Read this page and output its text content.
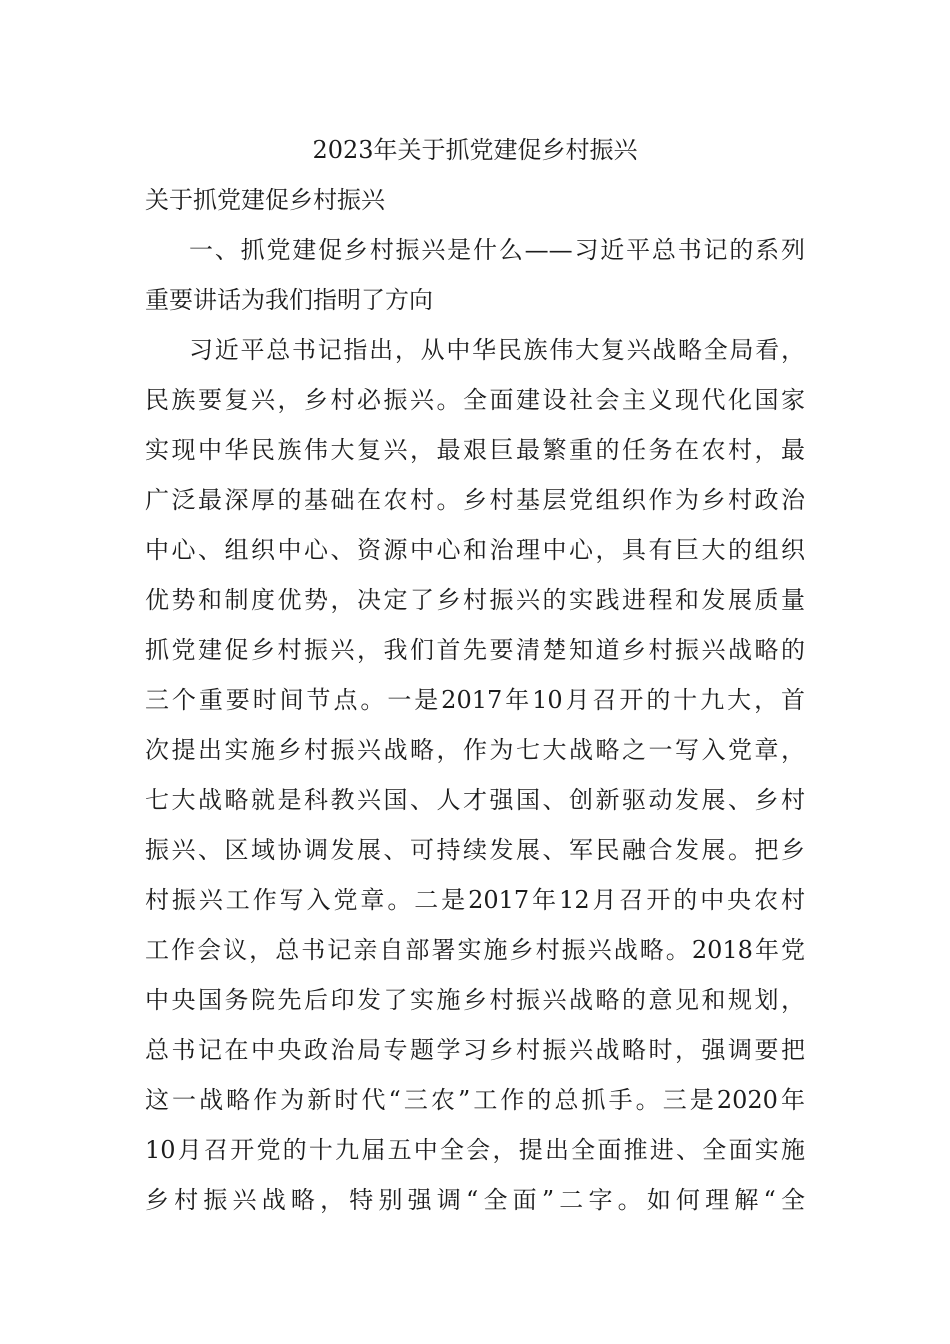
2023年关于抓党建促乡村振兴
关于抓党建促乡村振兴
一、抓党建促乡村振兴是什么——习近平总书记的系列
重要讲话为我们指明了方向
习近平总书记指出，从中华民族伟大复兴战略全局看，
民族要复兴，乡村必振兴。全面建设社会主义现代化国家
实现中华民族伟大复兴，最艰巨最繁重的任务在农村，最
广泛最深厚的基础在农村。乡村基层党组织作为乡村政治
中心、组织中心、资源中心和治理中心，具有巨大的组织
优势和制度优势，决定了乡村振兴的实践进程和发展质量
抓党建促乡村振兴，我们首先要清楚知道乡村振兴战略的
三个重要时间节点。一是2017年10月召开的十九大，首
次提出实施乡村振兴战略，作为七大战略之一写入党章，
七大战略就是科教兴国、人才强国、创新驱动发展、乡村
振兴、区域协调发展、可持续发展、军民融合发展。把乡
村振兴工作写入党章。二是2017年12月召开的中央农村
工作会议，总书记亲自部署实施乡村振兴战略。2018年党
中央国务院先后印发了实施乡村振兴战略的意见和规划，
总书记在中央政治局专题学习乡村振兴战略时，强调要把
这一战略作为新时代“三农”工作的总抓手。三是2020年
10月召开党的十九届五中全会，提出全面推进、全面实施
乡村振兴战略，特别强调“全面”二字。如何理解“全
